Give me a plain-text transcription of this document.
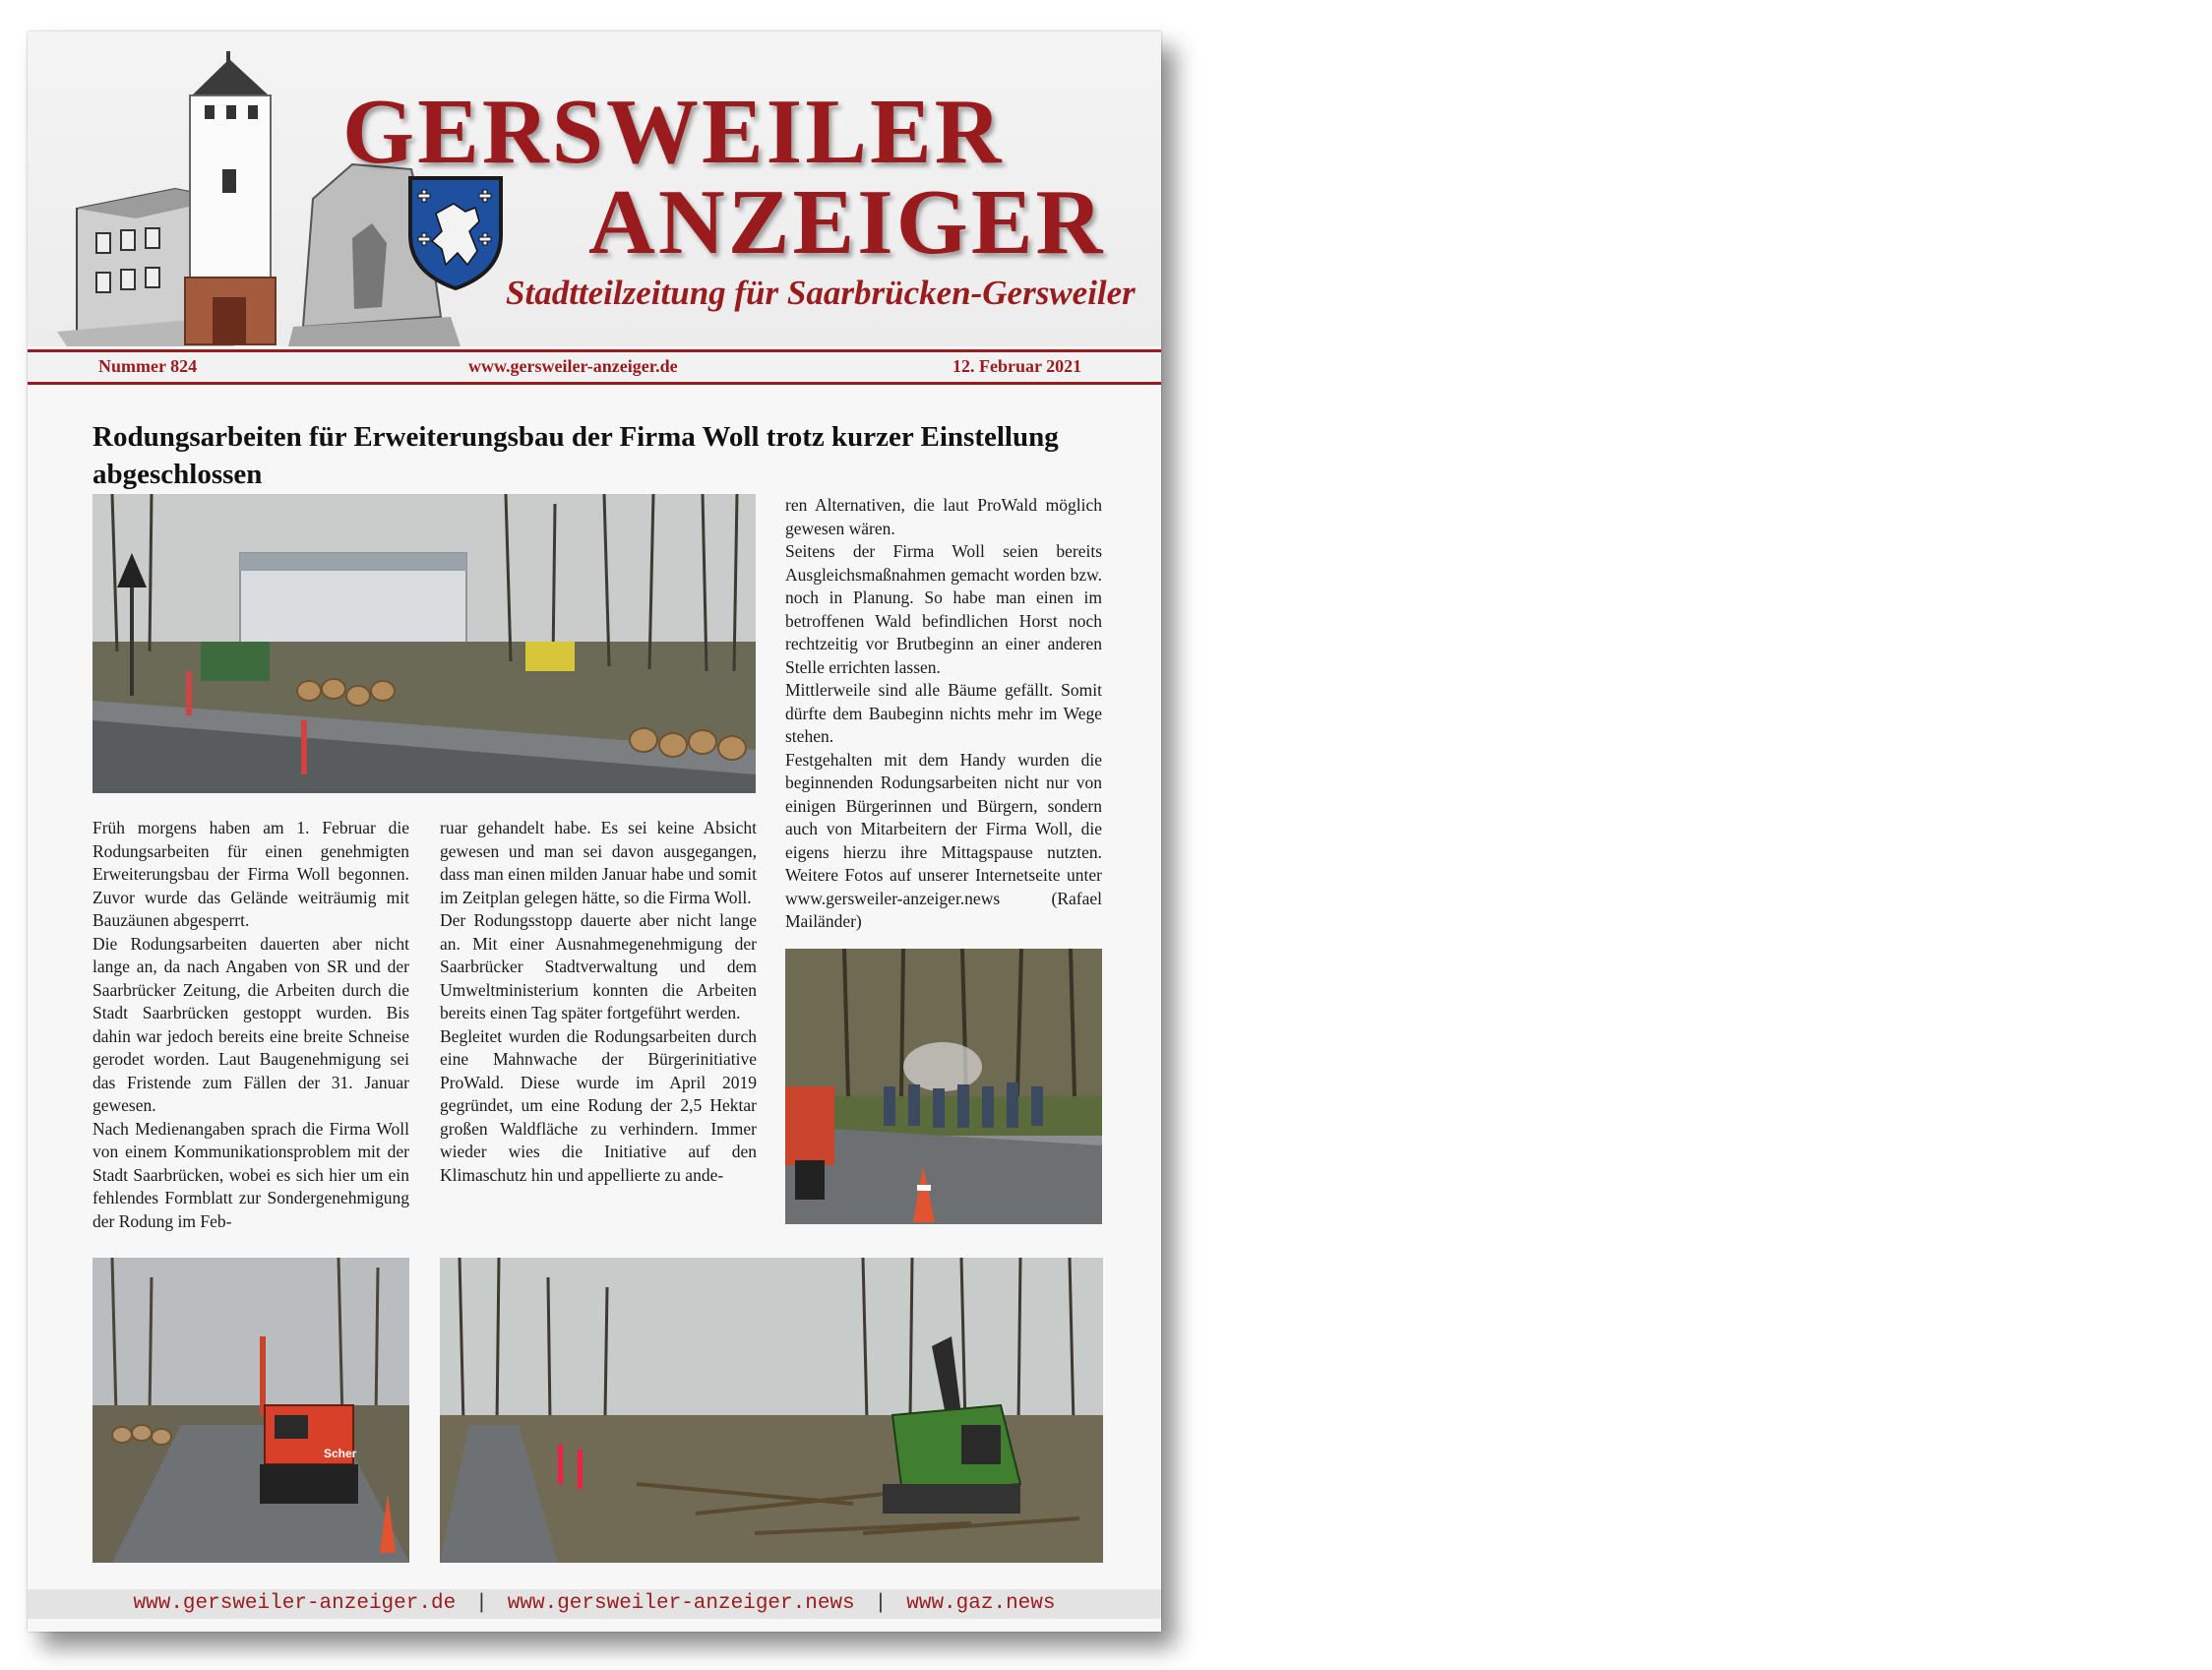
GERSWEILER
ANZEIGER

Stadtteilzeitung für Saarbrücken-Gersweiler

Nummer 824	www.gersweiler-anzeiger.de	12. Februar 2021
Rodungsarbeiten für Erweiterungsbau der Firma Woll trotz kurzer Einstellung abgeschlossen

Früh morgens haben am 1. Februar die Rodungsarbeiten für einen genehmigten Erweiterungsbau der Firma Woll begonnen. Zuvor wurde das Gelände weiträumig mit Bauzäunen abgesperrt.

Die Rodungsarbeiten dauerten aber nicht lange an, da nach Angaben von SR und der Saarbrücker Zeitung, die Arbeiten durch die Stadt Saarbrücken gestoppt wurden. Bis dahin war jedoch bereits eine breite Schneise gerodet worden. Laut Baugenehmigung sei das Fristende zum Fällen der 31. Januar gewesen.

Nach Medienangaben sprach die Firma Woll von einem Kommunikationsproblem mit der Stadt Saarbrücken, wobei es sich hier um ein fehlendes Formblatt zur Sondergenehmigung der Rodung im Feb-

ruar gehandelt habe. Es sei keine Absicht gewesen und man sei davon ausgegangen, dass man einen milden Januar habe und somit im Zeitplan gelegen hätte, so die Firma Woll.

Der Rodungsstopp dauerte aber nicht lange an. Mit einer Ausnahmegenehmigung der Saarbrücker Stadtverwaltung und dem Umweltministerium konnten die Arbeiten bereits einen Tag später fortgeführt werden.

Begleitet wurden die Rodungsarbeiten durch eine Mahnwache der Bürgerinitiative ProWald. Diese wurde im April 2019 gegründet, um eine Rodung der 2,5 Hektar großen Waldfläche zu verhindern. Immer wieder wies die Initiative auf den Klimaschutz hin und appellierte zu ande-

ren Alternativen, die laut ProWald möglich gewesen wären.

Seitens der Firma Woll seien bereits Ausgleichsmaßnahmen gemacht worden bzw. noch in Planung. So habe man einen im betroffenen Wald befindlichen Horst noch rechtzeitig vor Brutbeginn an einer anderen Stelle errichten lassen.

Mittlerweile sind alle Bäume gefällt. Somit dürfte dem Baubeginn nichts mehr im Wege stehen.

Festgehalten mit dem Handy wurden die beginnenden Rodungsarbeiten nicht nur von einigen Bürgerinnen und Bürgern, sondern auch von Mitarbeitern der Firma Woll, die eigens hierzu ihre Mittagspause nutzten. Weitere Fotos auf unserer Internetseite unter www.gersweiler-anzeiger.news (Rafael Mailänder)

Scher
www.gersweiler-anzeiger.de | www.gersweiler-anzeiger.news | www.gaz.news
